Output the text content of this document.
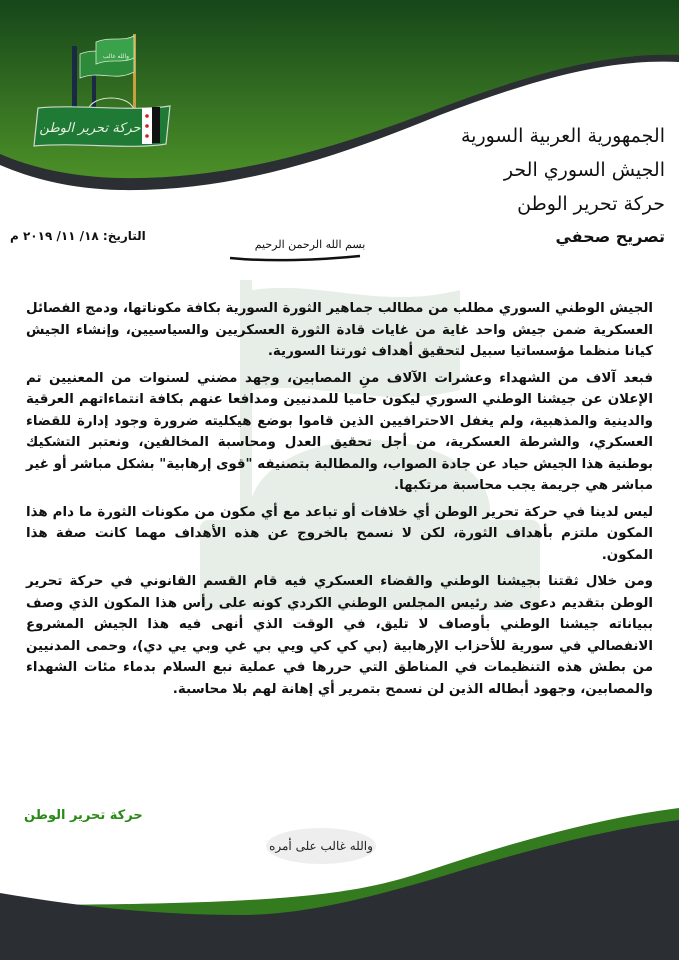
حركة تحرير الوطن
والله غالب
الجمهورية العربية السورية
الجيش السوري الحر
حركة تحرير الوطن
تصريح صحفي
التاريخ: ١٨/ ١١/ ٢٠١٩ م
بسم الله الرحمن الرحيم

الجيش الوطني السوري مطلب من مطالب جماهير الثورة السورية بكافة مكوناتها، ودمج الفصائل العسكرية ضمن جيش واحد غاية من غايات قادة الثورة العسكريين والسياسيين، وإنشاء الجيش كيانا منظما مؤسساتيا سبيل لتحقيق أهداف ثورتنا السورية.

فبعد آلاف من الشهداء وعشرات الآلاف منِ المصابين، وجهد مضني لسنوات من المعنيين تم الإعلان عن جيشنا الوطني السوري ليكون حاميا للمدنيين ومدافعا عنهم بكافة انتماءاتهم العرقية والدينية والمذهبية، ولم يغفل الاحترافيين الذين قاموا بوضع هيكليته ضرورة وجود إدارة للقضاء العسكري، والشرطة العسكرية، من أجل تحقيق العدل ومحاسبة المخالفين، ونعتبر التشكيك بوطنية هذا الجيش حياد عن جادة الصواب، والمطالبة بتصنيفه "قوى إرهابية" بشكل مباشر أو غير مباشر هي جريمة يجب محاسبة مرتكبها.

ليس لدينا في حركة تحرير الوطن أي خلافات أو تباعد مع أي مكون من مكونات الثورة ما دام هذا المكون ملتزم بأهداف الثورة، لكن لا نسمح بالخروج عن هذه الأهداف مهما كانت صفة هذا المكون.

ومن خلال ثقتنا بجيشنا الوطني والقضاء العسكري فيه قام القسم القانوني في حركة تحرير الوطن بتقديم دعوى ضد رئيس المجلس الوطني الكردي كونه على رأس هذا المكون الذي وصف ببياناته جيشنا الوطني بأوصاف لا تليق، في الوقت الذي أنهى فيه هذا الجيش المشروع الانفصالي في سورية للأحزاب الإرهابية (بي كي كي ويي بي غي وبي يي دي)، وحمى المدنيين من بطش هذه التنظيمات في المناطق التي حررها في عملية نبع السلام بدماء مئات الشهداء والمصابين، وجهود أبطاله الذين لن نسمح بتمرير أي إهانة لهم بلا محاسبة.

حركة تحرير الوطن
والله غالب على أمره
